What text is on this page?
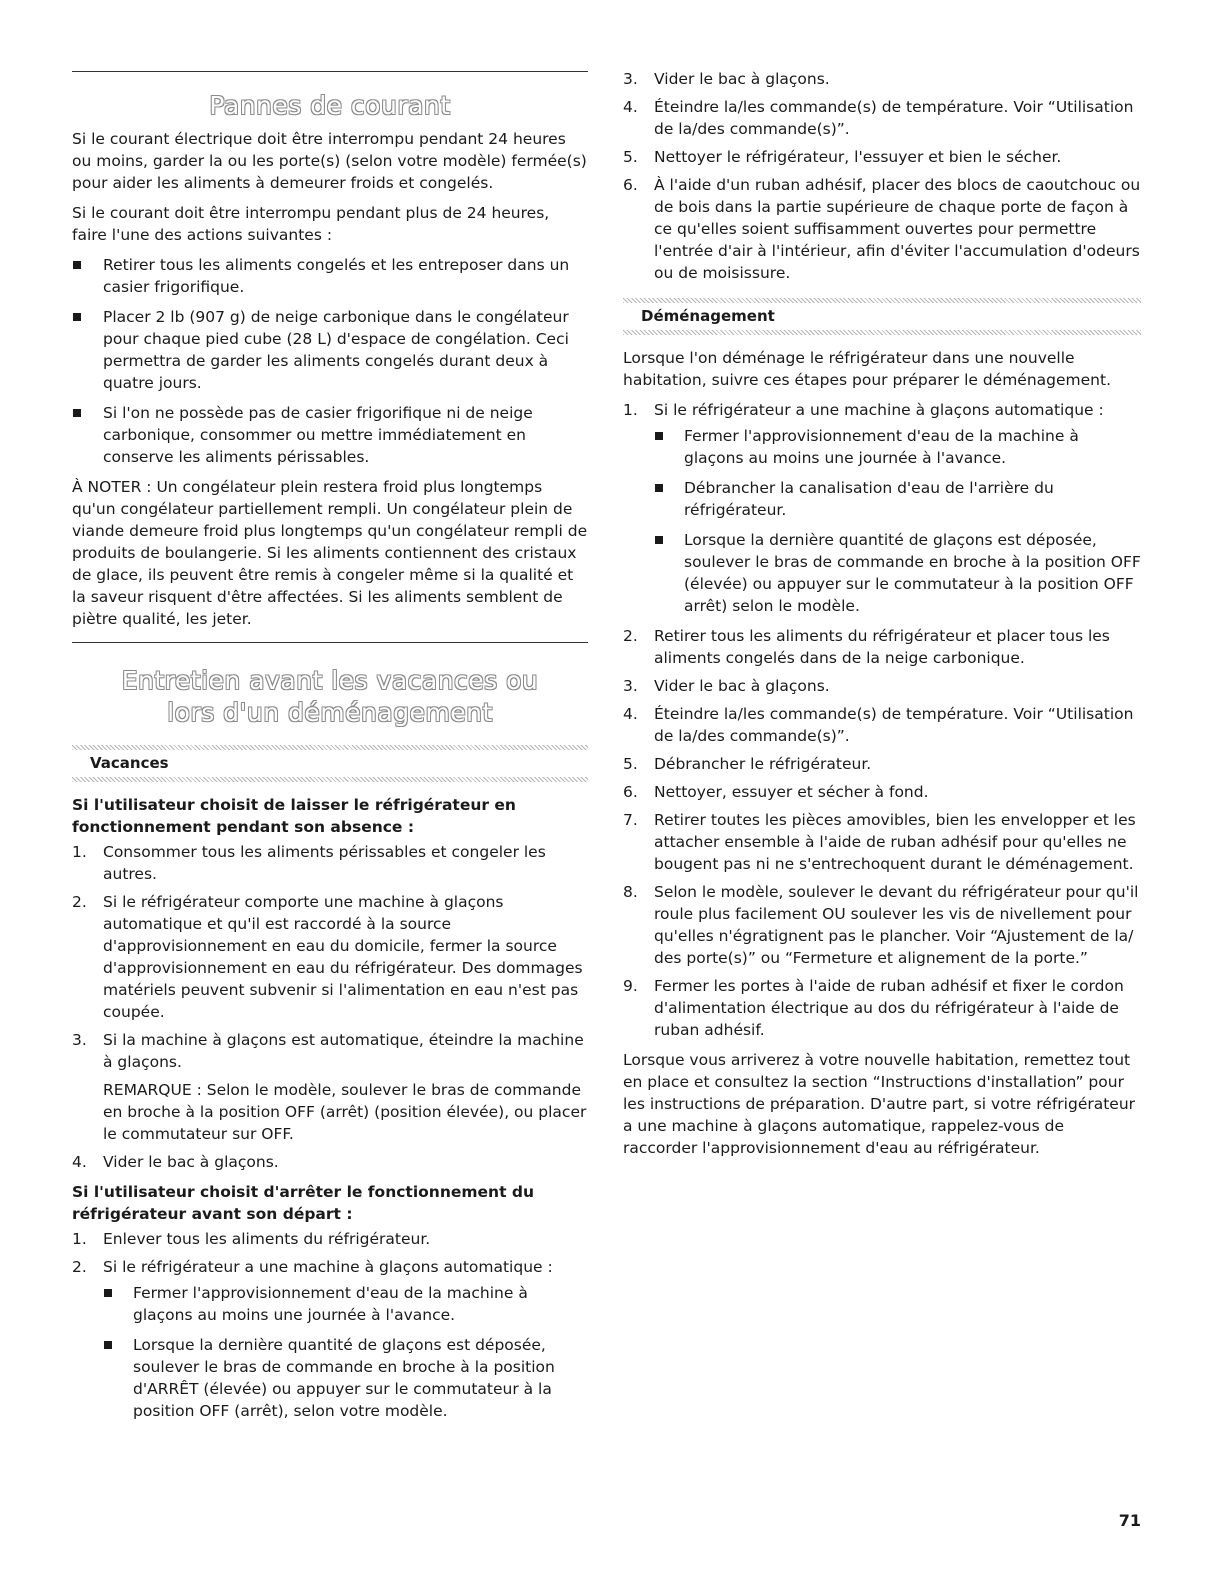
Pannes de courant

Si le courant électrique doit être interrompu pendant 24 heures ou moins, garder la ou les porte(s) (selon votre modèle) fermée(s) pour aider les aliments à demeurer froids et congelés.

Si le courant doit être interrompu pendant plus de 24 heures, faire l'une des actions suivantes :

Retirer tous les aliments congelés et les entreposer dans un casier frigorifique.
Placer 2 lb (907 g) de neige carbonique dans le congélateur pour chaque pied cube (28 L) d'espace de congélation. Ceci permettra de garder les aliments congelés durant deux à quatre jours.
Si l'on ne possède pas de casier frigorifique ni de neige carbonique, consommer ou mettre immédiatement en conserve les aliments périssables.

À NOTER : Un congélateur plein restera froid plus longtemps qu'un congélateur partiellement rempli. Un congélateur plein de viande demeure froid plus longtemps qu'un congélateur rempli de produits de boulangerie. Si les aliments contiennent des cristaux de glace, ils peuvent être remis à congeler même si la qualité et la saveur risquent d'être affectées. Si les aliments semblent de piètre qualité, les jeter.

Entretien avant les vacances ou
lors d'un déménagement
Vacances

Si l'utilisateur choisit de laisser le réfrigérateur en fonctionnement pendant son absence :

1. Consommer tous les aliments périssables et congeler les autres.
2. Si le réfrigérateur comporte une machine à glaçons automatique et qu'il est raccordé à la source d'approvisionnement en eau du domicile, fermer la source d'approvisionnement en eau du réfrigérateur. Des dommages matériels peuvent subvenir si l'alimentation en eau n'est pas coupée.
3. Si la machine à glaçons est automatique, éteindre la machine à glaçons.
REMARQUE : Selon le modèle, soulever le bras de commande en broche à la position OFF (arrêt) (position élevée), ou placer le commutateur sur OFF.
4. Vider le bac à glaçons.

Si l'utilisateur choisit d'arrêter le fonctionnement du réfrigérateur avant son départ :

1. Enlever tous les aliments du réfrigérateur.
2. Si le réfrigérateur a une machine à glaçons automatique :
Fermer l'approvisionnement d'eau de la machine à glaçons au moins une journée à l'avance.
Lorsque la dernière quantité de glaçons est déposée, soulever le bras de commande en broche à la position d'ARRÊT (élevée) ou appuyer sur le commutateur à la position OFF (arrêt), selon votre modèle.
3. Vider le bac à glaçons.
4. Éteindre la/les commande(s) de température. Voir “Utilisation de la/des commande(s)”.
5. Nettoyer le réfrigérateur, l'essuyer et bien le sécher.
6. À l'aide d'un ruban adhésif, placer des blocs de caoutchouc ou de bois dans la partie supérieure de chaque porte de façon à ce qu'elles soient suffisamment ouvertes pour permettre l'entrée d'air à l'intérieur, afin d'éviter l'accumulation d'odeurs ou de moisissure.
Déménagement

Lorsque l'on déménage le réfrigérateur dans une nouvelle habitation, suivre ces étapes pour préparer le déménagement.

1. Si le réfrigérateur a une machine à glaçons automatique :
Fermer l'approvisionnement d'eau de la machine à glaçons au moins une journée à l'avance.
Débrancher la canalisation d'eau de l'arrière du réfrigérateur.
Lorsque la dernière quantité de glaçons est déposée, soulever le bras de commande en broche à la position OFF (élevée) ou appuyer sur le commutateur à la position OFF arrêt) selon le modèle.
2. Retirer tous les aliments du réfrigérateur et placer tous les aliments congelés dans de la neige carbonique.
3. Vider le bac à glaçons.
4. Éteindre la/les commande(s) de température. Voir “Utilisation de la/des commande(s)”.
5. Débrancher le réfrigérateur.
6. Nettoyer, essuyer et sécher à fond.
7. Retirer toutes les pièces amovibles, bien les envelopper et les attacher ensemble à l'aide de ruban adhésif pour qu'elles ne bougent pas ni ne s'entrechoquent durant le déménagement.
8. Selon le modèle, soulever le devant du réfrigérateur pour qu'il roule plus facilement OU soulever les vis de nivellement pour qu'elles n'égratignent pas le plancher. Voir “Ajustement de la/ des porte(s)” ou “Fermeture et alignement de la porte.”
9. Fermer les portes à l'aide de ruban adhésif et fixer le cordon d'alimentation électrique au dos du réfrigérateur à l'aide de ruban adhésif.

Lorsque vous arriverez à votre nouvelle habitation, remettez tout en place et consultez la section “Instructions d'installation” pour les instructions de préparation. D'autre part, si votre réfrigérateur a une machine à glaçons automatique, rappelez-vous de raccorder l'approvisionnement d'eau au réfrigérateur.

71
